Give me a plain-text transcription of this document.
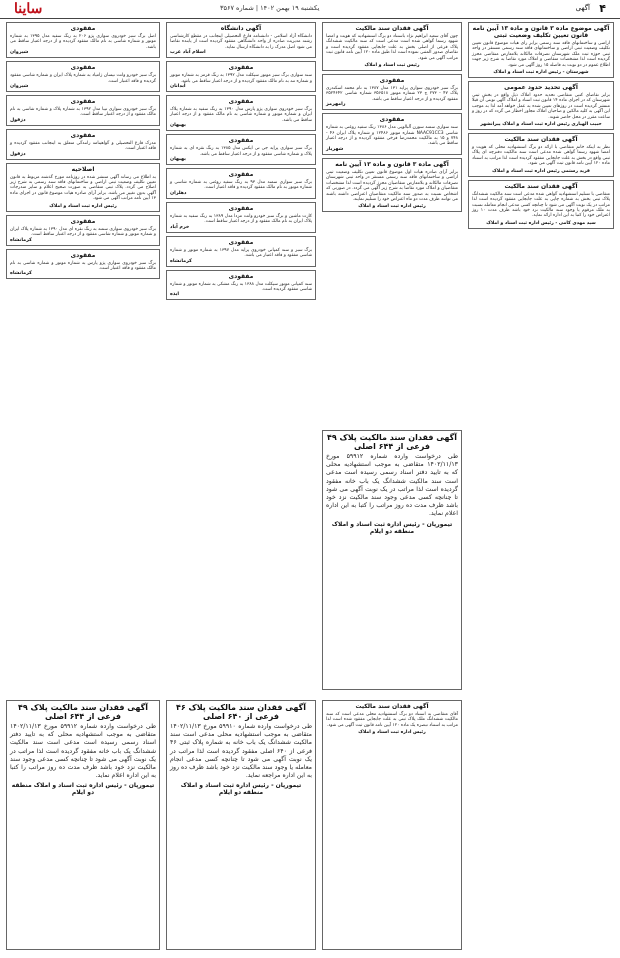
ساینا	یکشنبه ۱۹ بهمن ۱۴۰۲ | شماره ۳۵۶۷	آگهی ۴
آگهی موضوع ماده ۳ قانون و ماده ۱۳ آیین نامه قانون تعیین تکلیف وضعیت ثبتی
اراضی و ساختمانهای فاقد سند رسمی برابر رای هیات موضوع قانون تعیین تکلیف وضعیت ثبتی اراضی و ساختمانهای فاقد سند رسمی مستقر در واحد ثبتی حوزه ثبت ملک شهرستان تصرفات مالکانه بلامعارض متقاضی محرز گردیده است لذا مشخصات متقاضی و املاک مورد تقاضا به شرح زیر جهت اطلاع عموم در دو نوبت به فاصله ۱۵ روز آگهی می شود.
شهرستان - رئیس اداره ثبت اسناد و املاک
آگهی تحدید حدود عمومی
برابر تقاضای کتبی متقاضی تحدید حدود املاک ذیل واقع در بخش ثبتی شهرستان که در اجرای ماده ۱۴ قانون ثبت اسناد و املاک آگهی نوبتی آن قبلا منتشر گردیده است در روزهای تعیین شده به عمل خواهد آمد لذا به موجب این آگهی به کلیه مالکین و صاحبان املاک مجاور اخطار می گردد که در روز و ساعت مقرر در محل حاضر شوند.
حبیب الهیاری رئیس اداره ثبت اسناد و املاک پیرانشهر
آگهی فقدان سند مالکیت
نظر به اینکه خانم متقاضی با ارائه دو برگ استشهادیه محلی که هویت و امضا شهود رسما گواهی شده مدعی است سند مالکیت دفترچه ای پلاک ثبتی واقع در بخش به علت جابجایی مفقود گردیده است لذا مراتب به استناد ماده ۱۲۰ آیین نامه قانون ثبت آگهی می شود.
فرید رستمی رئیس اداره ثبت اسناد و املاک
آگهی فقدان سند مالکیت
متقاضی با تسلیم استشهادیه گواهی شده مدعی است سند مالکیت ششدانگ پلاک ثبتی بخش به شماره چاپی به علت جابجایی مفقود گردیده است لذا مراتب در یک نوبت آگهی می شود تا چنانچه کسی مدعی انجام معامله نسبت به ملک مرقوم یا وجود سند مالکیت نزد خود باشد ظرف مدت ۱۰ روز اعتراض خود را کتبا به این اداره ارائه نماید.
سید مهدی کامی - رئیس اداره ثبت اسناد و املاک
آگهی فقدان سند مالکیت پلاک ۴۹ فرعی از ۶۴۴ اصلی
طی درخواست وارده شماره ۵۹۹۱۲ مورخ ۱۴۰۲/۱۱/۱۳ متقاضی به موجب استشهادیه محلی که به تایید دفتر اسناد رسمی رسیده است مدعی است سند مالکیت ششدانگ یک باب خانه مفقود گردیده است لذا مراتب در یک نوبت آگهی می شود تا چنانچه کسی مدعی وجود سند مالکیت نزد خود باشد ظرف مدت ده روز مراتب را کتبا به این اداره اعلام نماید.
تیمورپان - رئیس اداره ثبت اسناد و املاک منطقه دو ایلام
آگهی فقدان سند مالکیت
چون آقای سعید ابراهیم نژاد باستناد دو برگ استشهادیه که هویت و امضا شهود رسما گواهی شده است مدعی است که سند مالکیت ششدانگ پلاک فرعی از اصلی بخش به علت جابجایی مفقود گردیده است و تقاضای صدور المثنی نموده است لذا طبق ماده ۱۲۰ آیین نامه قانون ثبت مراتب آگهی می شود.
رئیس ثبت اسناد و املاک
مفقودی
برگ سبز خودروی سواری پراید ۱۳۱ مدل ۱۳۸۷ به نام محمد اسکندری پلاک ۴۷ - ۲۷۳ ج ۲۳ شماره موتور ۳۵۶۵۱۸ شماره شاسی ۳۵۲۴۶۴۲ مفقود گردیده و از درجه اعتبار ساقط می باشد.
رامهرمز
مفقودی
سند سواری سمند سورن آلبالویی مدل ۱۳۸۶ رنگ سفید روغنی به شماره شاسی NAAC91CC3 شماره موتور ۱۲۴۸۶ و شماره پلاک ایران ۴۶ - ۷۴۸ و ۱۵ به مالکیت محمدرضا فرخی مفقود گردیده و از درجه اعتبار ساقط می باشد.
شهریار
آگهی ماده ۳ قانون و ماده ۱۳ آیین نامه
برابر آرای صادره هیات اول موضوع قانون تعیین تکلیف وضعیت ثبتی اراضی و ساختمانهای فاقد سند رسمی مستقر در واحد ثبتی شهرستان تصرفات مالکانه و بلامعارض متقاضیان محرز گردیده است لذا مشخصات متقاضیان و املاک مورد تقاضا به شرح زیر آگهی می گردد. در صورتی که اشخاص نسبت به صدور سند مالکیت متقاضیان اعتراضی داشته باشند می توانند ظرف مدت دو ماه اعتراض خود را تسلیم نمایند.
رئیس اداره ثبت اسناد و املاک
آگهی فقدان سند مالکیت پلاک ۴۶ فرعی از ۶۴۰ اصلی
طی درخواست وارده شماره ۵۹۹۱۰ مورخ ۱۴۰۲/۱۱/۱۳ متقاضی به موجب استشهادیه محلی مدعی است سند مالکیت ششدانگ یک باب خانه به شماره پلاک ثبتی ۴۶ فرعی از ۶۴۰ اصلی مفقود گردیده است لذا مراتب در یک نوبت آگهی می شود تا چنانچه کسی مدعی انجام معامله یا وجود سند مالکیت نزد خود باشد ظرف ده روز به این اداره مراجعه نماید.
تیمورپان - رئیس اداره ثبت اسناد و املاک منطقه دو ایلام
آگهی فقدان سند مالکیت پلاک ۴۹ فرعی از ۶۴۴ اصلی
طی درخواست وارده شماره ۵۹۹۱۲ مورخ ۱۴۰۲/۱۱/۱۳ متقاضی به موجب استشهادیه محلی که به تایید دفتر اسناد رسمی رسیده است مدعی است سند مالکیت ششدانگ یک باب خانه مفقود گردیده است لذا مراتب در یک نوبت آگهی می شود تا چنانچه کسی مدعی وجود سند مالکیت نزد خود باشد ظرف مدت ده روز مراتب را کتبا به این اداره اعلام نماید.
تیمورپان - رئیس اداره ثبت اسناد و املاک منطقه دو ایلام
آگهی فقدان سند مالکیت
آقای متقاضی به استناد دو برگ استشهادیه محلی مدعی است که سند مالکیت ششدانگ ملک پلاک ثبتی به علت جابجایی مفقود شده است لذا مراتب به استناد تبصره یک ماده ۱۲۰ آیین نامه قانون ثبت آگهی می شود.
رئیس اداره ثبت اسناد و املاک
آگهی دانشگاه
دانشگاه آزاد اسلامی - دانشنامه فارغ التحصیلی اینجانب در مقطع کارشناسی رشته مدیریت صادره از واحد دانشگاهی مفقود گردیده است از یابنده تقاضا می شود اصل مدرک را به دانشگاه ارسال نماید.
اسلام آباد غرب
مفقودی
سند سواری برگ سبز موتور سیکلت مدل ۱۳۹۲ به رنگ قرمز به شماره موتور و شماره تنه به نام مالک مفقود گردیده و از درجه اعتبار ساقط می باشد.
آبدانان
مفقودی
برگ سبز خودروی سواری پژو پارس مدل ۱۳۹۰ به رنگ سفید به شماره پلاک ایران و شماره موتور و شماره شاسی به نام مالک مفقود و از درجه اعتبار ساقط می باشد.
بهبهان
مفقودی
برگ سبز سواری پراید جی تی ایکس مدل ۱۳۸۵ به رنگ نقره ای به شماره پلاک و شماره شاسی مفقود و از درجه اعتبار ساقط می باشد.
بهبهان
مفقودی
برگ سبز سواری سمند مدل ۹۳ به رنگ سفید روغنی به شماره شاسی و شماره موتور به نام مالک مفقود گردیده و فاقد اعتبار است.
دهلران
مفقودی
کارت ماشین و برگ سبز خودرو وانت مزدا مدل ۱۳۸۹ به رنگ سفید به شماره پلاک ایران به نام مالک مفقود و از درجه اعتبار ساقط است.
خرم آباد
مفقودی
برگ سبز و سند کمپانی خودروی پراید مدل ۱۳۹۷ به شماره موتور و شماره شاسی مفقود و فاقد اعتبار می باشد.
کرمانشاه
مفقودی
سند کمپانی موتور سیکلت مدل ۱۳۸۸ به رنگ مشکی به شماره موتور و شماره شاسی مفقود گردیده است.
ایذه
مفقودی
اصل برگ سبز خودروی سواری پژو ۲۰۶ به رنگ سفید مدل ۱۳۹۵ به شماره موتور و شماره شاسی به نام مالک مفقود گردیده و از درجه اعتبار ساقط می باشد.
شیروان
مفقودی
برگ سبز خودرو وانت نیسان زامیاد به شماره پلاک ایران و شماره شاسی مفقود گردیده و فاقد اعتبار است.
شیروان
مفقودی
برگ سبز خودروی سواری تیبا مدل ۱۳۹۲ به شماره پلاک و شماره شاسی به نام مالک مفقود و از درجه اعتبار ساقط است.
دزفول
مفقودی
مدرک فارغ التحصیلی و گواهینامه رانندگی متعلق به اینجانب مفقود گردیده و فاقد اعتبار است.
دزفول
اصلاحیه
به اطلاع می رساند آگهی منتشر شده در روزنامه مورخ گذشته مربوط به قانون تعیین تکلیف وضعیت ثبتی اراضی و ساختمانهای فاقد سند رسمی به شرح زیر اصلاح می گردد. پلاک ثبتی متقاضی به صورت صحیح اعلام و سایر مندرجات آگهی بدون تغییر می باشد. برابر آرای صادره هیات موضوع قانون در اجرای ماده ۱۳ آیین نامه مراتب آگهی می شود.
رئیس اداره ثبت اسناد و املاک
مفقودی
برگ سبز خودروی سواری سمند به رنگ نقره ای مدل ۱۳۹۰ به شماره پلاک ایران و شماره موتور و شماره شاسی مفقود و از درجه اعتبار ساقط است.
کرمانشاه
مفقودی
برگ سبز خودروی سواری پژو پارس به شماره موتور و شماره شاسی به نام مالک مفقود و فاقد اعتبار است.
کرمانشاه
